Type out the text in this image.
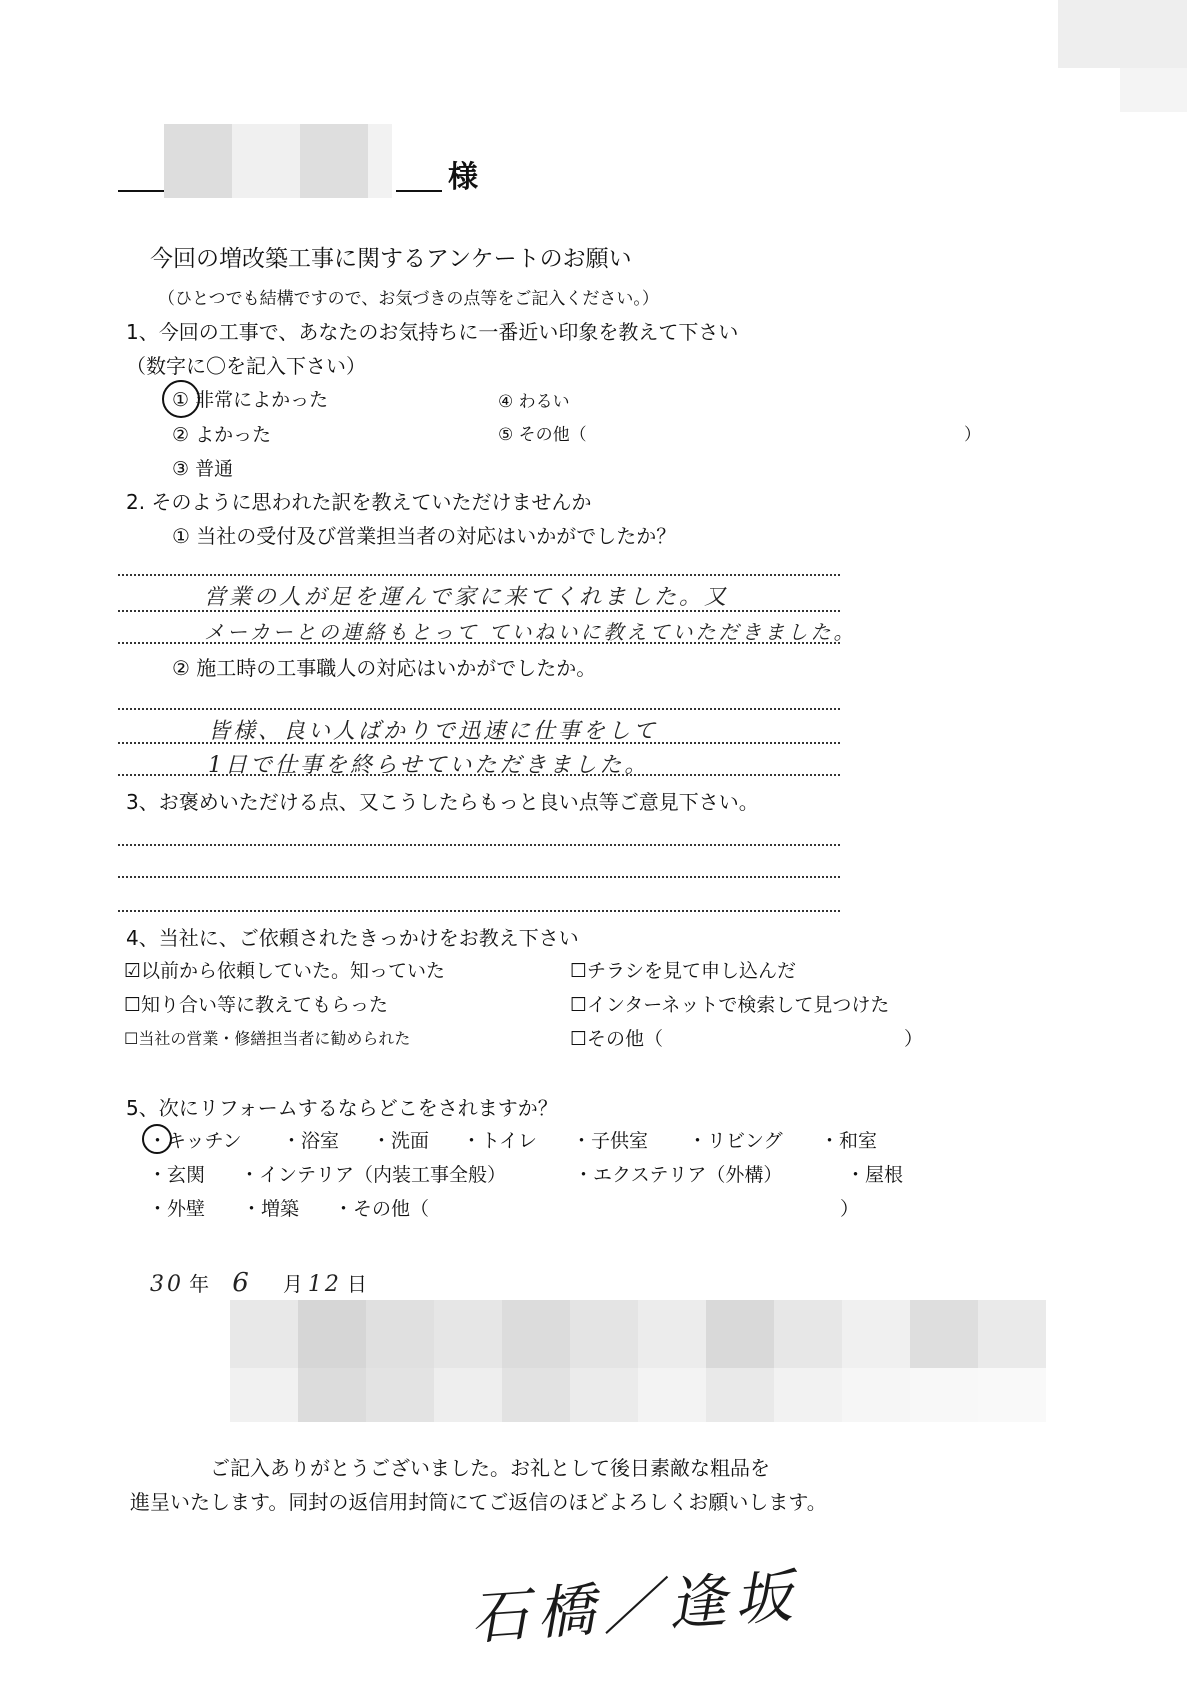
様
今回の増改築工事に関するアンケートのお願い
（ひとつでも結構ですので、お気づきの点等をご記入ください。）
1、今回の工事で、あなたのお気持ちに一番近い印象を教えて下さい
（数字に〇を記入下さい）
① 非常によかった
② よかった
③ 普通
④ わるい
⑤ その他（	）
2. そのように思われた訳を教えていただけませんか
① 当社の受付及び営業担当者の対応はいかがでしたか？
営業の人が足を運んで家に来てくれました。又
メーカーとの連絡もとって ていねいに教えていただきました。
② 施工時の工事職人の対応はいかがでしたか。
皆様、良い人ばかりで迅速に仕事をして
1日で仕事を終らせていただきました。
3、お褒めいただける点、又こうしたらもっと良い点等ご意見下さい。
4、当社に、ご依頼されたきっかけをお教え下さい
☑以前から依頼していた。知っていた
☐知り合い等に教えてもらった
☐当社の営業・修繕担当者に勧められた
☐チラシを見て申し込んだ
☐インターネットで検索して見つけた
☐その他（	）
5、次にリフォームするならどこをされますか？
・キッチン ・浴室 ・洗面 ・トイレ ・子供室 ・リビング ・和室
・玄関 ・インテリア（内装工事全般）	・エクステリア（外構）	・屋根
・外壁 ・増築 ・その他（	）
30 年 6 月 12 日
ご記入ありがとうございました。お礼として後日素敵な粗品を
進呈いたします。同封の返信用封筒にてご返信のほどよろしくお願いします。
石橋／逢坂
